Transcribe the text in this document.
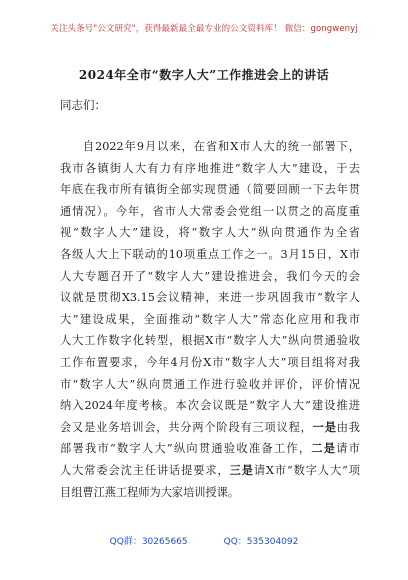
关注头条号"公文研究"，获得最新最全最专业的公文资料库！ 微信：gongwenyj
2024年全市“数字人大”工作推进会上的讲话
同志们：
自2022年9月以来，在省和X市人大的统一部署下，
我市各镇街人大有力有序地推进“数字人大”建设，于去
年底在我市所有镇街全部实现贯通（简要回顾一下去年贯
通情况）。今年，省市人大常委会党组一以贯之的高度重
视“数字人大”建设，将“数字人大”纵向贯通作为全省
各级人大上下联动的10项重点工作之一。3月15日，X市
人大专题召开了“数字人大”建设推进会，我们今天的会
议就是贯彻X3.15会议精神，来进一步巩固我市“数字人
大”建设成果，全面推动“数字人大”常态化应用和我市
人大工作数字化转型，根据X市“数字人大”纵向贯通验收
工作布置要求，今年4月份X市“数字人大”项目组将对我
市“数字人大”纵向贯通工作进行验收并评价，评价情况
纳入2024年度考核。本次会议既是“数字人大”建设推进
会又是业务培训会，共分两个阶段有三项议程，一是由我
部署我市“数字人大”纵向贯通验收准备工作，二是请市
人大常委会沈主任讲话提要求，三是请X市“数字人大”项
目组曹江燕工程师为大家培训授课。
QQ群：30265665	QQ：535304092
